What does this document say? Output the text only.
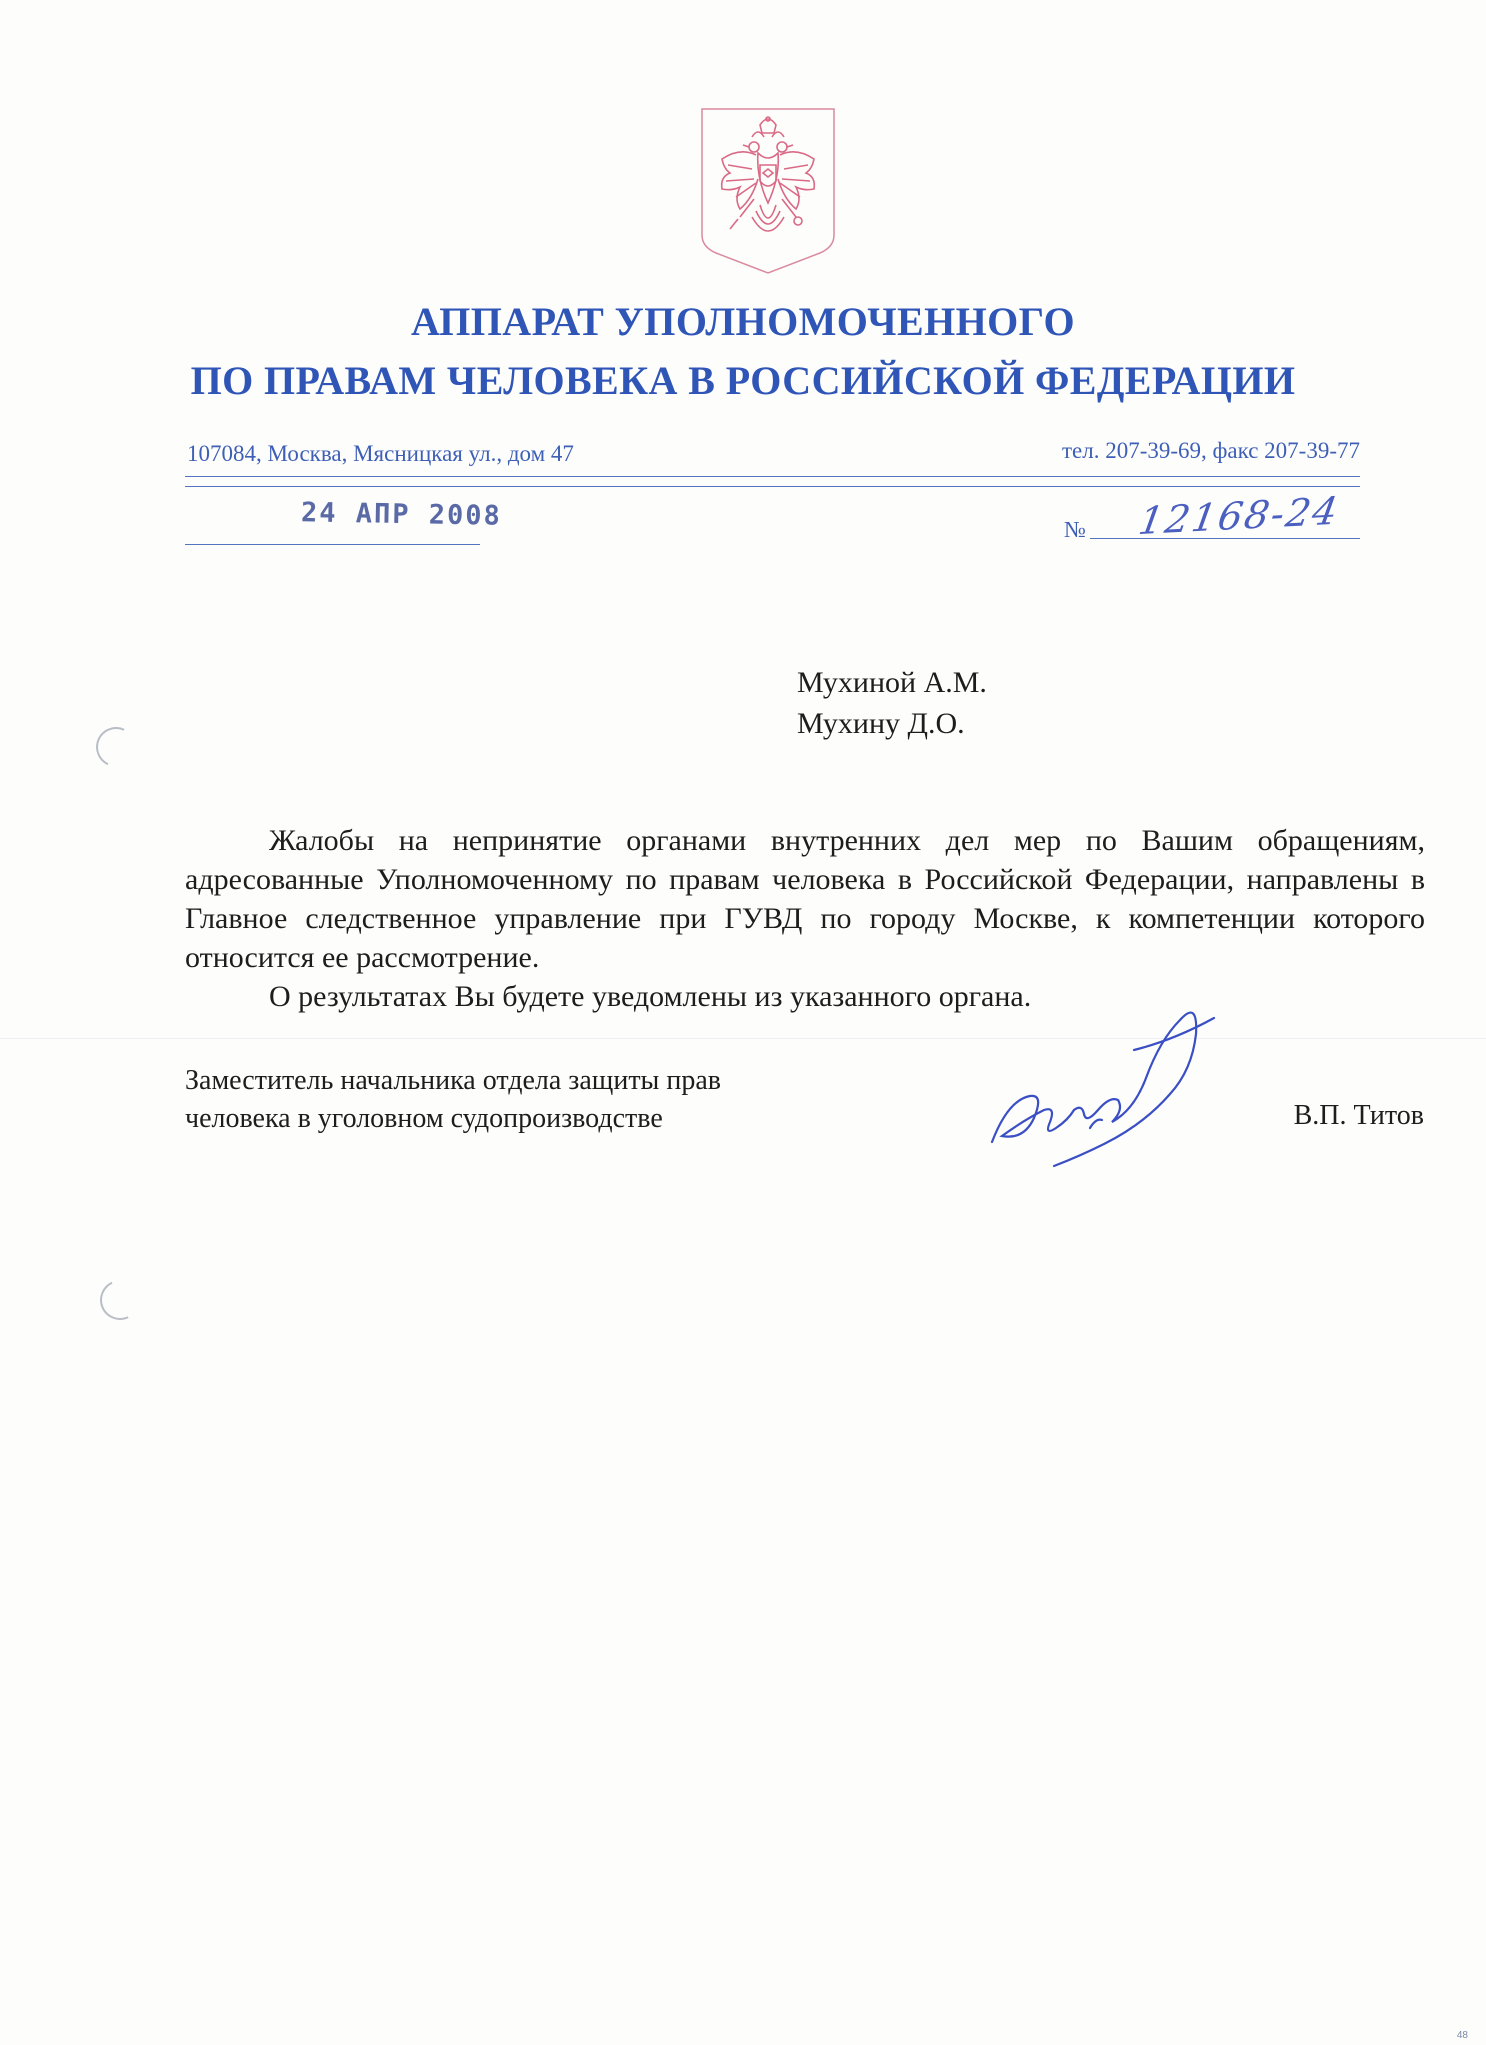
АППАРАТ УПОЛНОМОЧЕННОГО
ПО ПРАВАМ ЧЕЛОВЕКА В РОССИЙСКОЙ ФЕДЕРАЦИИ
107084, Москва, Мясницкая ул., дом 47	тел. 207-39-69, факс 207-39-77
24 АПР 2008	№ 12168-24
Мухиной А.М.
Мухину Д.О.

Жалобы на непринятие органами внутренних дел мер по Вашим обращениям, адресованные Уполномоченному по правам человека в Российской Федерации, направлены в Главное следственное управление при ГУВД по городу Москве, к компетенции которого относится ее рассмотрение.

О результатах Вы будете уведомлены из указанного органа.

Заместитель начальника отдела защиты прав
человека в уголовном судопроизводстве	В.П. Титов
48
